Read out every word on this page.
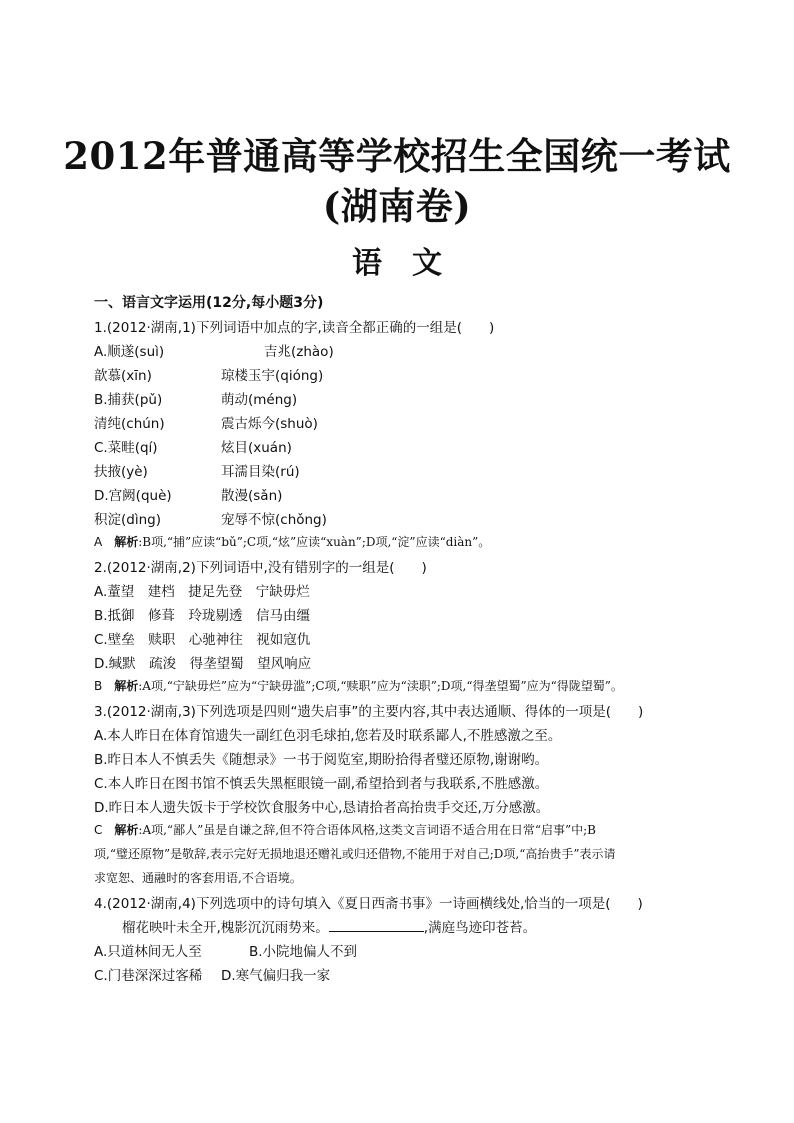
2012年普通高等学校招生全国统一考试
(湖南卷)
语文
一、语言文字运用(12分,每小题3分)
1.(2012·湖南,1)下列词语中加点的字,读音全都正确的一组是(　　)
A.顺遂(suì)	吉兆(zhào)
歆慕(xīn)	琼楼玉宇(qióng)
B.捕获(pǔ)	萌动(méng)
清纯(chún)	震古烁今(shuò)
C.菜畦(qí)	炫目(xuán)
扶掖(yè)	耳濡目染(rú)
D.宫阙(què)	散漫(sǎn)
积淀(dìng)	宠辱不惊(chǒng)
A 解析:B项,“捕”应读“bǔ”;C项,“炫”应读“xuàn”;D项,“淀”应读“diàn”。
2.(2012·湖南,2)下列词语中,没有错别字的一组是(　　)
A.蕫望　建档　捷足先登　宁缺毋烂
B.抵御　修葺　玲珑剔透　信马由缰
C.壁垒　赎职　心驰神往　视如寇仇
D.缄默　疏浚　得垄望蜀　望风响应
B 解析:A项,“宁缺毋烂”应为“宁缺毋滥”;C项,“赎职”应为“渎职”;D项,“得垄望蜀”应为“得陇望蜀”。
3.(2012·湖南,3)下列选项是四则“遗失启事”的主要内容,其中表达通顺、得体的一项是(　　)
A.本人昨日在体育馆遗失一副红色羽毛球拍,您若及时联系鄙人,不胜感激之至。
B.昨日本人不慎丢失《随想录》一书于阅览室,期盼拾得者璧还原物,谢谢哟。
C.本人昨日在图书馆不慎丢失黑框眼镜一副,希望拾到者与我联系,不胜感激。
D.昨日本人遗失饭卡于学校饮食服务中心,恳请拾者高抬贵手交还,万分感激。
C 解析:A项,“鄙人”虽是自谦之辞,但不符合语体风格,这类文言词语不适合用在日常“启事”中;B
项,“璧还原物”是敬辞,表示完好无损地退还赠礼或归还借物,不能用于对自己;D项,“高抬贵手”表示请
求宽恕、通融时的客套用语,不合语境。
4.(2012·湖南,4)下列选项中的诗句填入《夏日西斋书事》一诗画横线处,恰当的一项是(　　)
榴花映叶未全开,槐影沉沉雨势来。	,满庭鸟迹印苍苔。
A.只道林间无人至	B.小院地偏人不到
C.门巷深深过客稀 D.寒气偏归我一家
